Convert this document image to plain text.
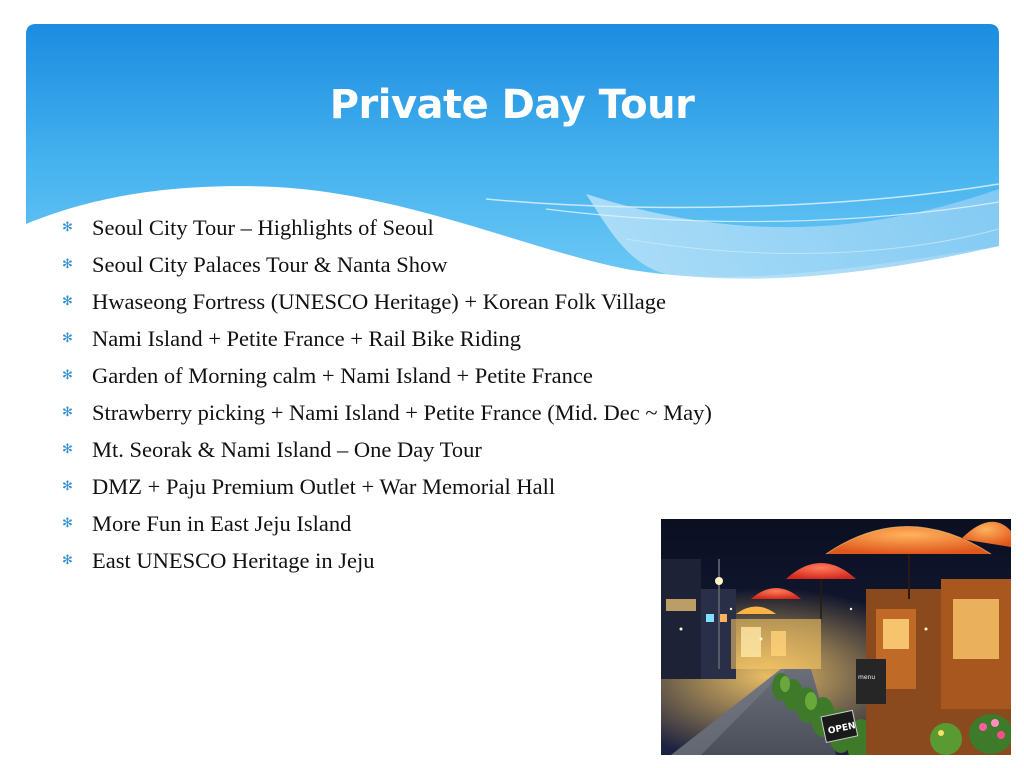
Private Day Tour
✻ Seoul City Tour – Highlights of Seoul
✻ Seoul City Palaces Tour & Nanta Show
✻ Hwaseong Fortress (UNESCO Heritage) + Korean Folk Village
✻ Nami Island + Petite France + Rail Bike Riding
✻ Garden of Morning calm + Nami Island + Petite France
✻ Strawberry picking + Nami Island + Petite France (Mid. Dec ~ May)
✻ Mt. Seorak & Nami Island – One Day Tour
✻ DMZ + Paju Premium Outlet + War Memorial Hall
✻ More Fun in East Jeju Island
✻ East UNESCO Heritage in Jeju
menu
OPEN
